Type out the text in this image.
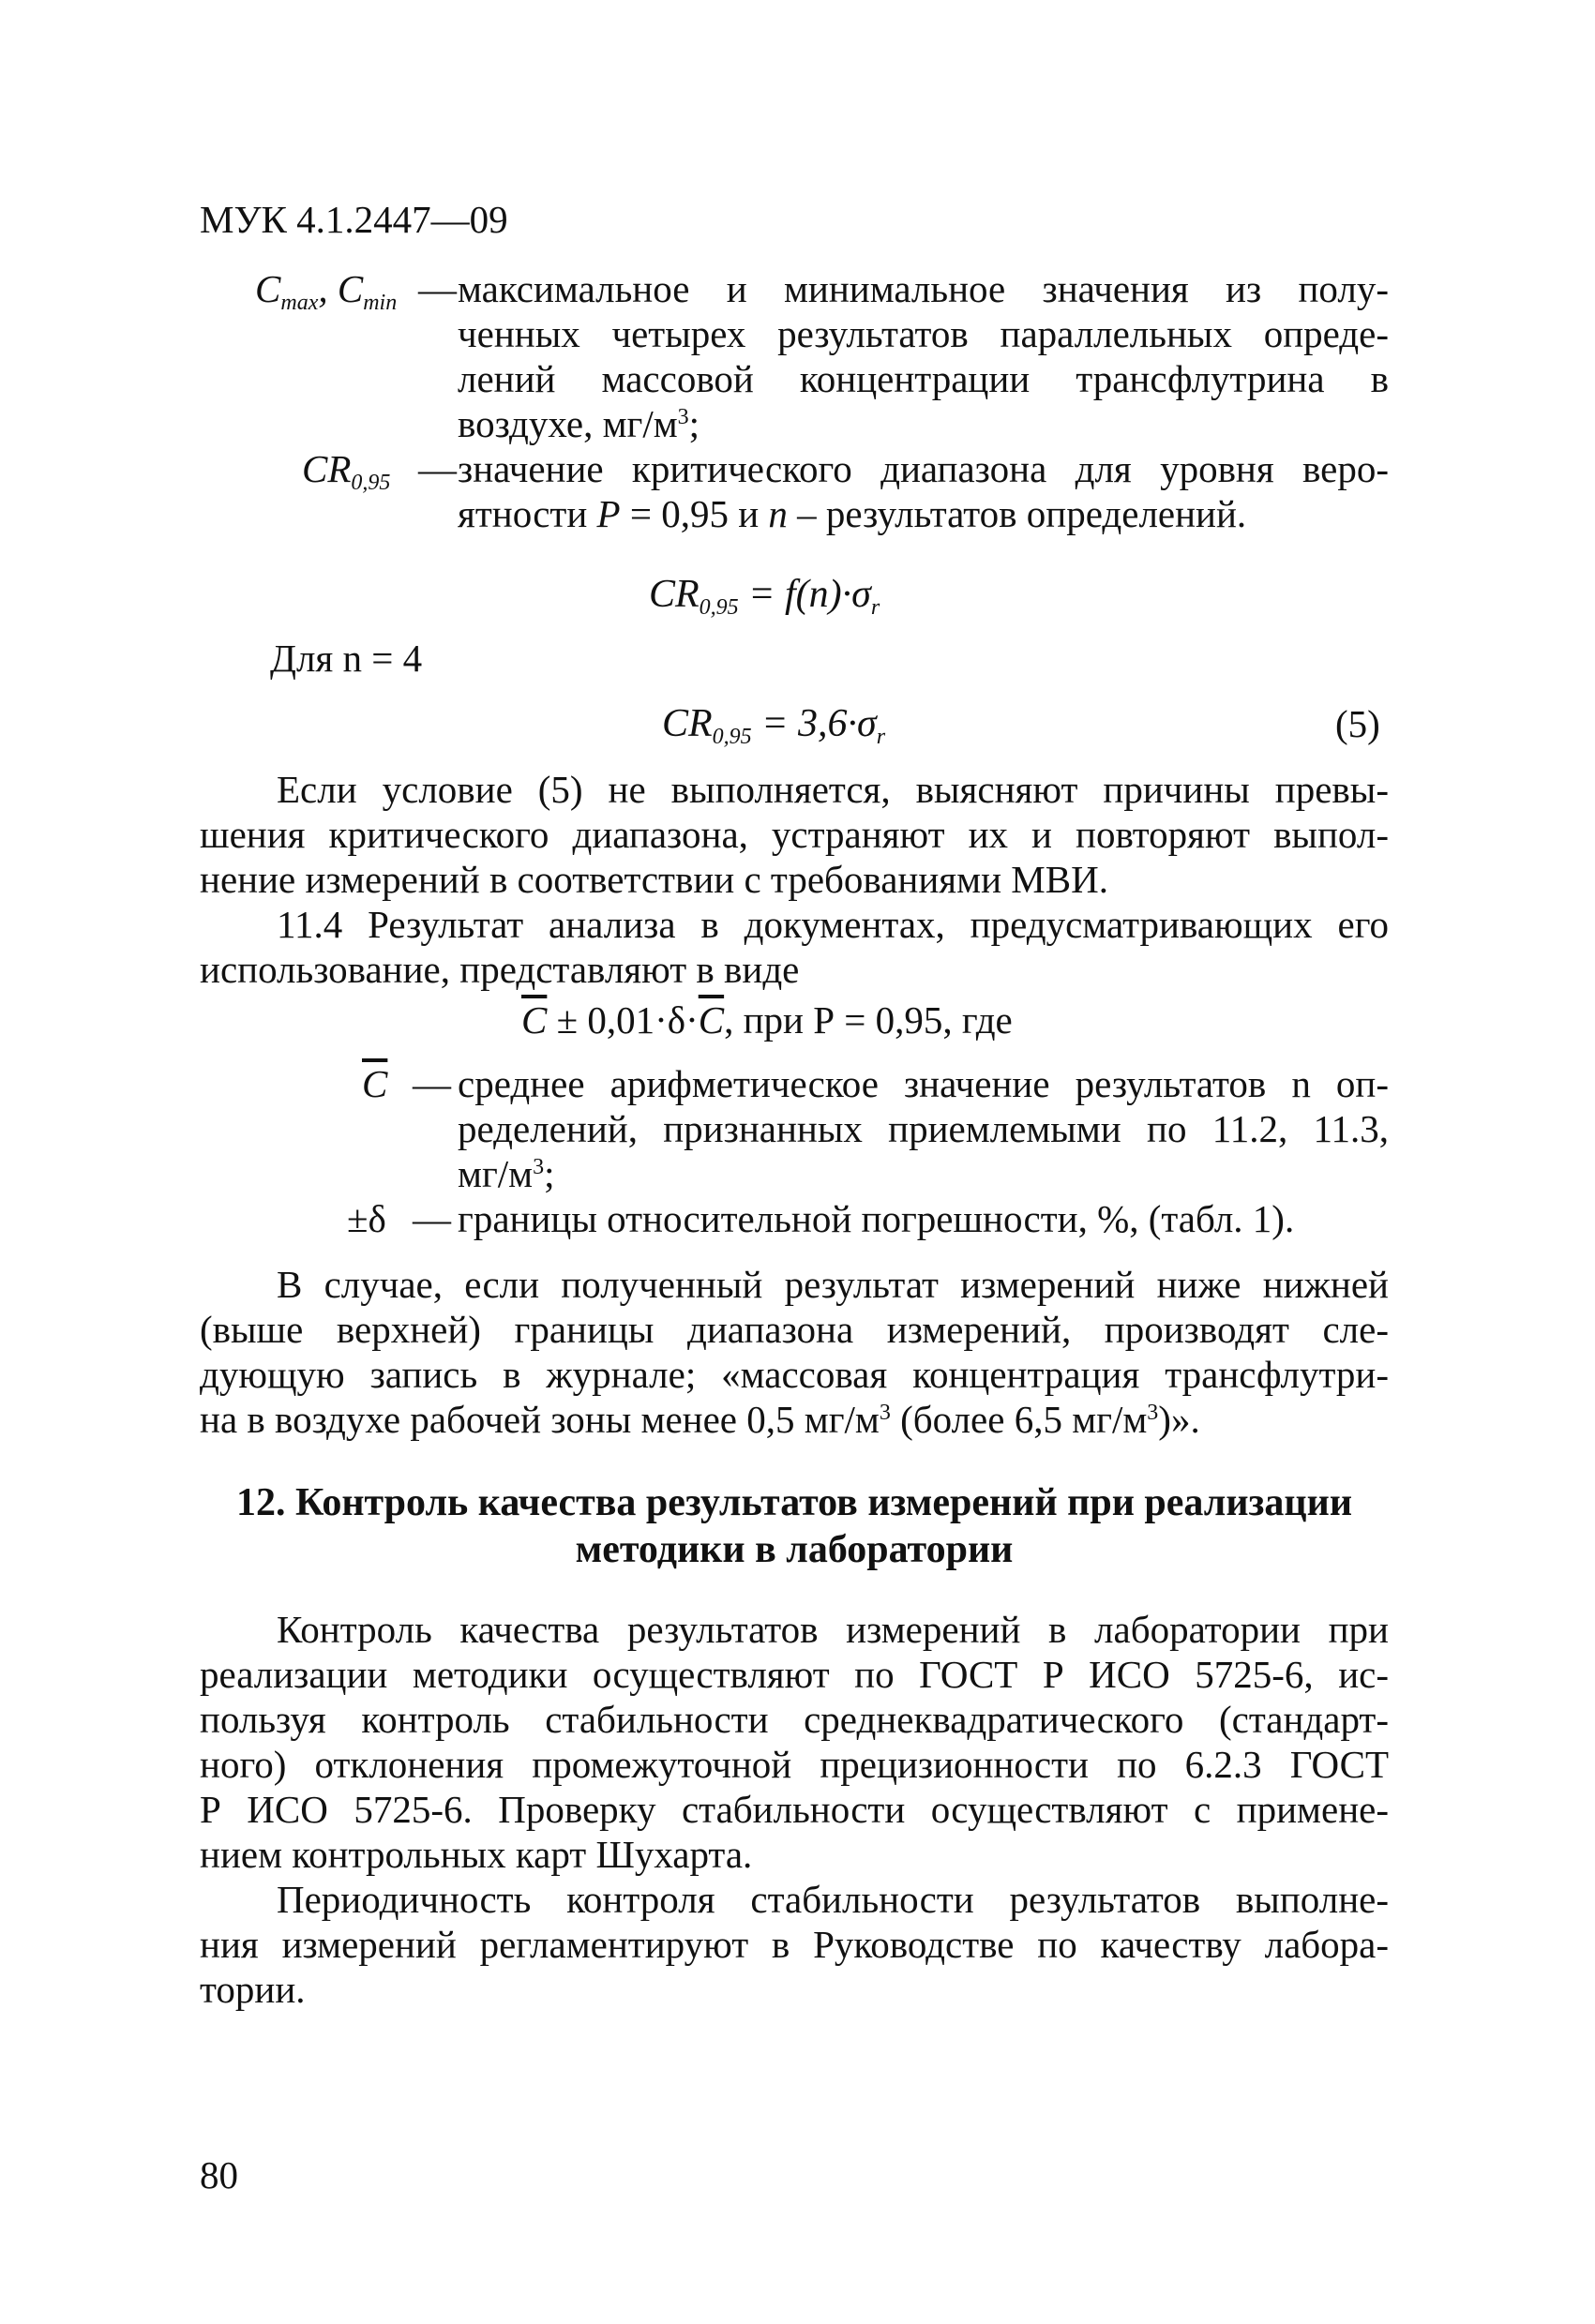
МУК 4.1.2447—09
$C_{max}$, $C_{min}$ — максимальное и минимальное значения из полу-
ченных четырех результатов параллельных опреде-
лений массовой концентрации трансфлутрина в
воздухе, $мг/м^3$;
$CR_{0,95}$ — значение критического диапазона для уровня веро-
ятности P = 0,95 и n – результатов определений.
$CR_{0,95} = f(n)\cdot\sigma_r$
Для n = 4
$CR_{0,95} = 3,6\cdot\sigma_r$	(5)
Если условие (5) не выполняется, выясняют причины превы-
шения критического диапазона, устраняют их и повторяют выпол-
нение измерений в соответствии с требованиями МВИ.
11.4 Результат анализа в документах, предусматривающих его
использование, представляют в виде
$\overline{C} \pm 0,01\cdot\delta\cdot\overline{C}$, при Р = 0,95, где
$\overline{C}$ — среднее арифметическое значение результатов n оп-
ределений, признанных приемлемыми по 11.2, 11.3,
$мг/м^3$;
±δ — границы относительной погрешности, %, (табл. 1).
В случае, если полученный результат измерений ниже нижней
(выше верхней) границы диапазона измерений, производят сле-
дующую запись в журнале; «массовая концентрация трансфлутри-
на в воздухе рабочей зоны менее 0,5 $мг/м^3$ (более 6,5 $мг/м^3$)».
12. Контроль качества результатов измерений при реализации
методики в лаборатории
Контроль качества результатов измерений в лаборатории при
реализации методики осуществляют по ГОСТ Р ИСО 5725-6, ис-
пользуя контроль стабильности среднеквадратического (стандарт-
ного) отклонения промежуточной прецизионности по 6.2.3 ГОСТ
Р ИСО 5725-6. Проверку стабильности осуществляют с примене-
нием контрольных карт Шухарта.
Периодичность контроля стабильности результатов выполне-
ния измерений регламентируют в Руководстве по качеству лабора-
тории.
80
